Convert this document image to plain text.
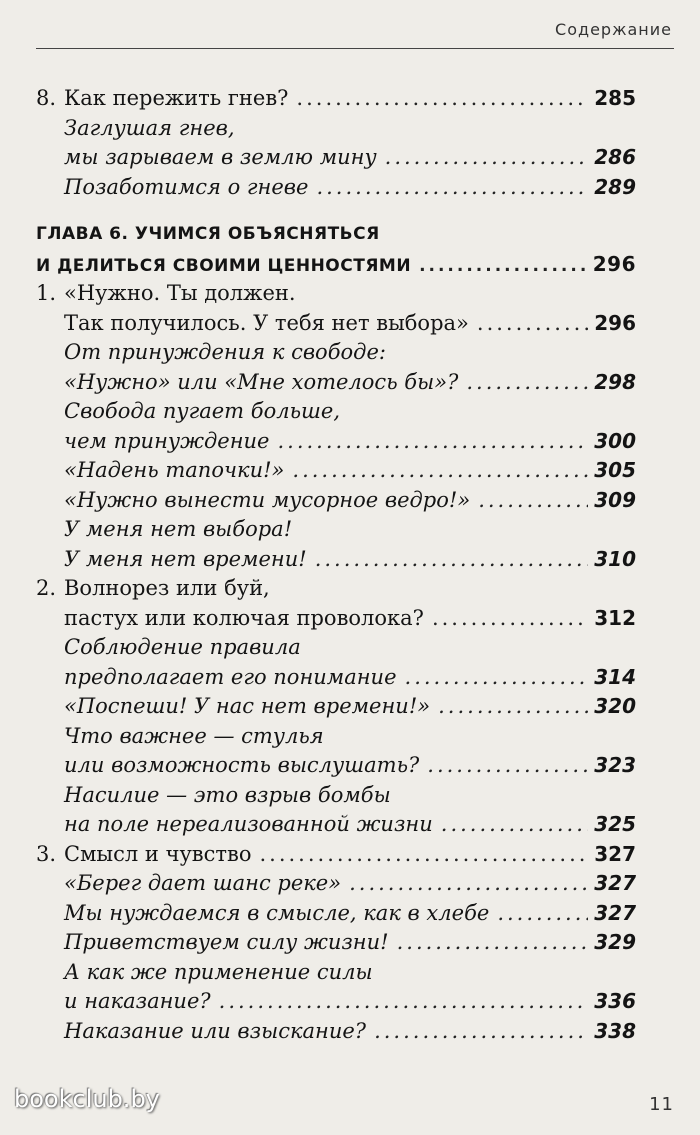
Содержание
8. Как пережить гнев? .....	285
Заглушая гнев,
мы зарываем в землю мину .....	286
Позаботимся о гневе .....	289
ГЛАВА 6. УЧИМСЯ ОБЪЯСНЯТЬСЯ
И ДЕЛИТЬСЯ СВОИМИ ЦЕННОСТЯМИ .....	296
1. «Нужно. Ты должен.
Так получилось. У тебя нет выбора» .....	296
От принуждения к свободе:
«Нужно» или «Мне хотелось бы»? .....	298
Свобода пугает больше,
чем принуждение .....	300
«Надень тапочки!» .....	305
«Нужно вынести мусорное ведро!» .....	309
У меня нет выбора!
У меня нет времени! .....	310
2. Волнорез или буй,
пастух или колючая проволока? .....	312
Соблюдение правила
предполагает его понимание .....	314
«Поспеши! У нас нет времени!» .....	320
Что важнее — стулья
или возможность выслушать? .....	323
Насилие — это взрыв бомбы
на поле нереализованной жизни .....	325
3. Смысл и чувство .....	327
«Берег дает шанс реке» .....	327
Мы нуждаемся в смысле, как в хлебе .....	327
Приветствуем силу жизни! .....	329
А как же применение силы
и наказание? .....	336
Наказание или взыскание? .....	338
bookclub.by	11
